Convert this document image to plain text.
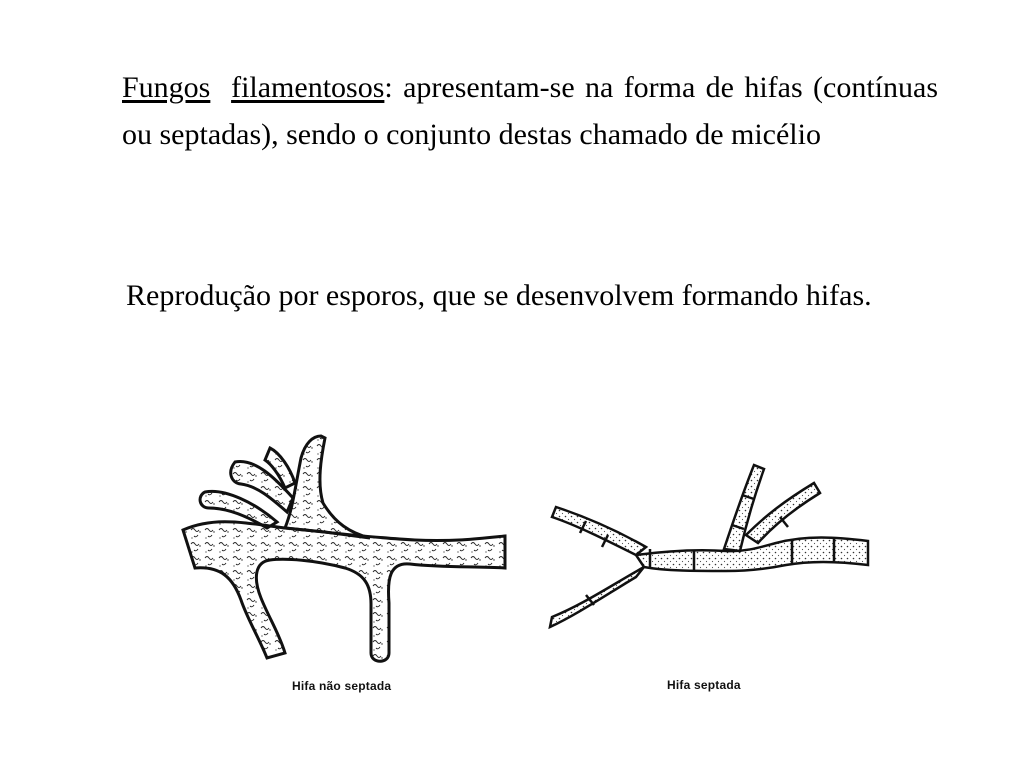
Fungos filamentosos: apresentam-se na forma de hifas (contínuas ou septadas), sendo o conjunto destas chamado de micélio
Reprodução por esporos, que se desenvolvem formando hifas.
Hifa não septada	Hifa septada
